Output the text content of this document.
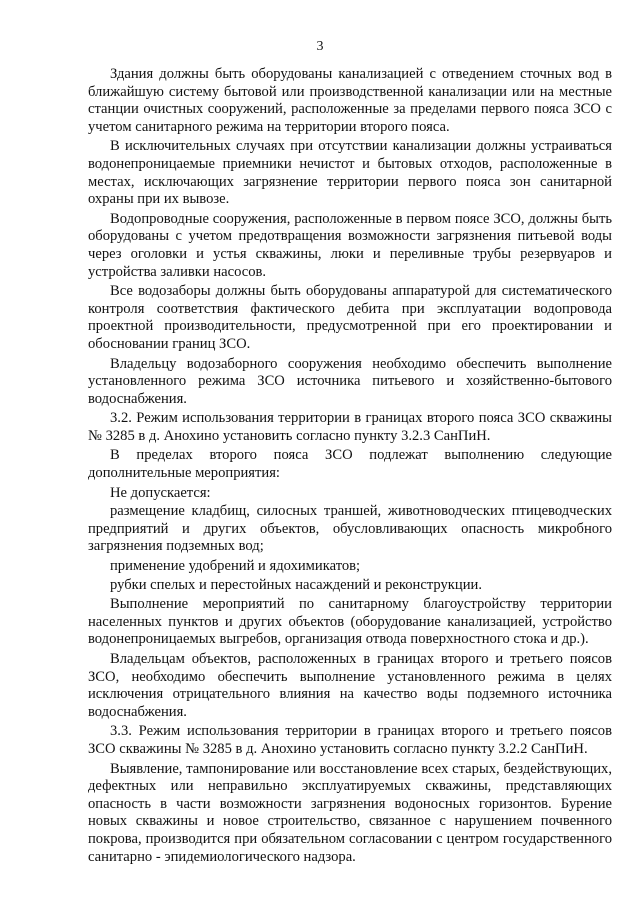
3

Здания должны быть оборудованы канализацией с отведением сточных вод в ближайшую систему бытовой или производственной канализации или на местные станции очистных сооружений, расположенные за пределами первого пояса ЗСО с учетом санитарного режима на территории второго пояса.

В исключительных случаях при отсутствии канализации должны устраиваться водонепроницаемые приемники нечистот и бытовых отходов, расположенные в местах, исключающих загрязнение территории первого пояса зон санитарной охраны при их вывозе.

Водопроводные сооружения, расположенные в первом поясе ЗСО, должны быть оборудованы с учетом предотвращения возможности загрязнения питьевой воды через оголовки и устья скважины, люки и переливные трубы резервуаров и устройства заливки насосов.

Все водозаборы должны быть оборудованы аппаратурой для систематического контроля соответствия фактического дебита при эксплуатации водопровода проектной производительности, предусмотренной при его проектировании и обосновании границ ЗСО.

Владельцу водозаборного сооружения необходимо обеспечить выполнение установленного режима ЗСО источника питьевого и хозяйственно-бытового водоснабжения.

3.2. Режим использования территории в границах второго пояса ЗСО скважины № 3285 в д. Анохино установить согласно пункту 3.2.3 СанПиН.

В пределах второго пояса ЗСО подлежат выполнению следующие дополнительные мероприятия:

Не допускается:

размещение кладбищ, силосных траншей, животноводческих птицеводческих предприятий и других объектов, обусловливающих опасность микробного загрязнения подземных вод;

применение удобрений и ядохимикатов;

рубки спелых и перестойных насаждений и реконструкции.

Выполнение мероприятий по санитарному благоустройству территории населенных пунктов и других объектов (оборудование канализацией, устройство водонепроницаемых выгребов, организация отвода поверхностного стока и др.).

Владельцам объектов, расположенных в границах второго и третьего поясов ЗСО, необходимо обеспечить выполнение установленного режима в целях исключения отрицательного влияния на качество воды подземного источника водоснабжения.

3.3. Режим использования территории в границах второго и третьего поясов ЗСО скважины № 3285 в д. Анохино установить согласно пункту 3.2.2 СанПиН.

Выявление, тампонирование или восстановление всех старых, бездействующих, дефектных или неправильно эксплуатируемых скважины, представляющих опасность в части возможности загрязнения водоносных горизонтов. Бурение новых скважины и новое строительство, связанное с нарушением почвенного покрова, производится при обязательном согласовании с центром государственного санитарно - эпидемиологического надзора.
